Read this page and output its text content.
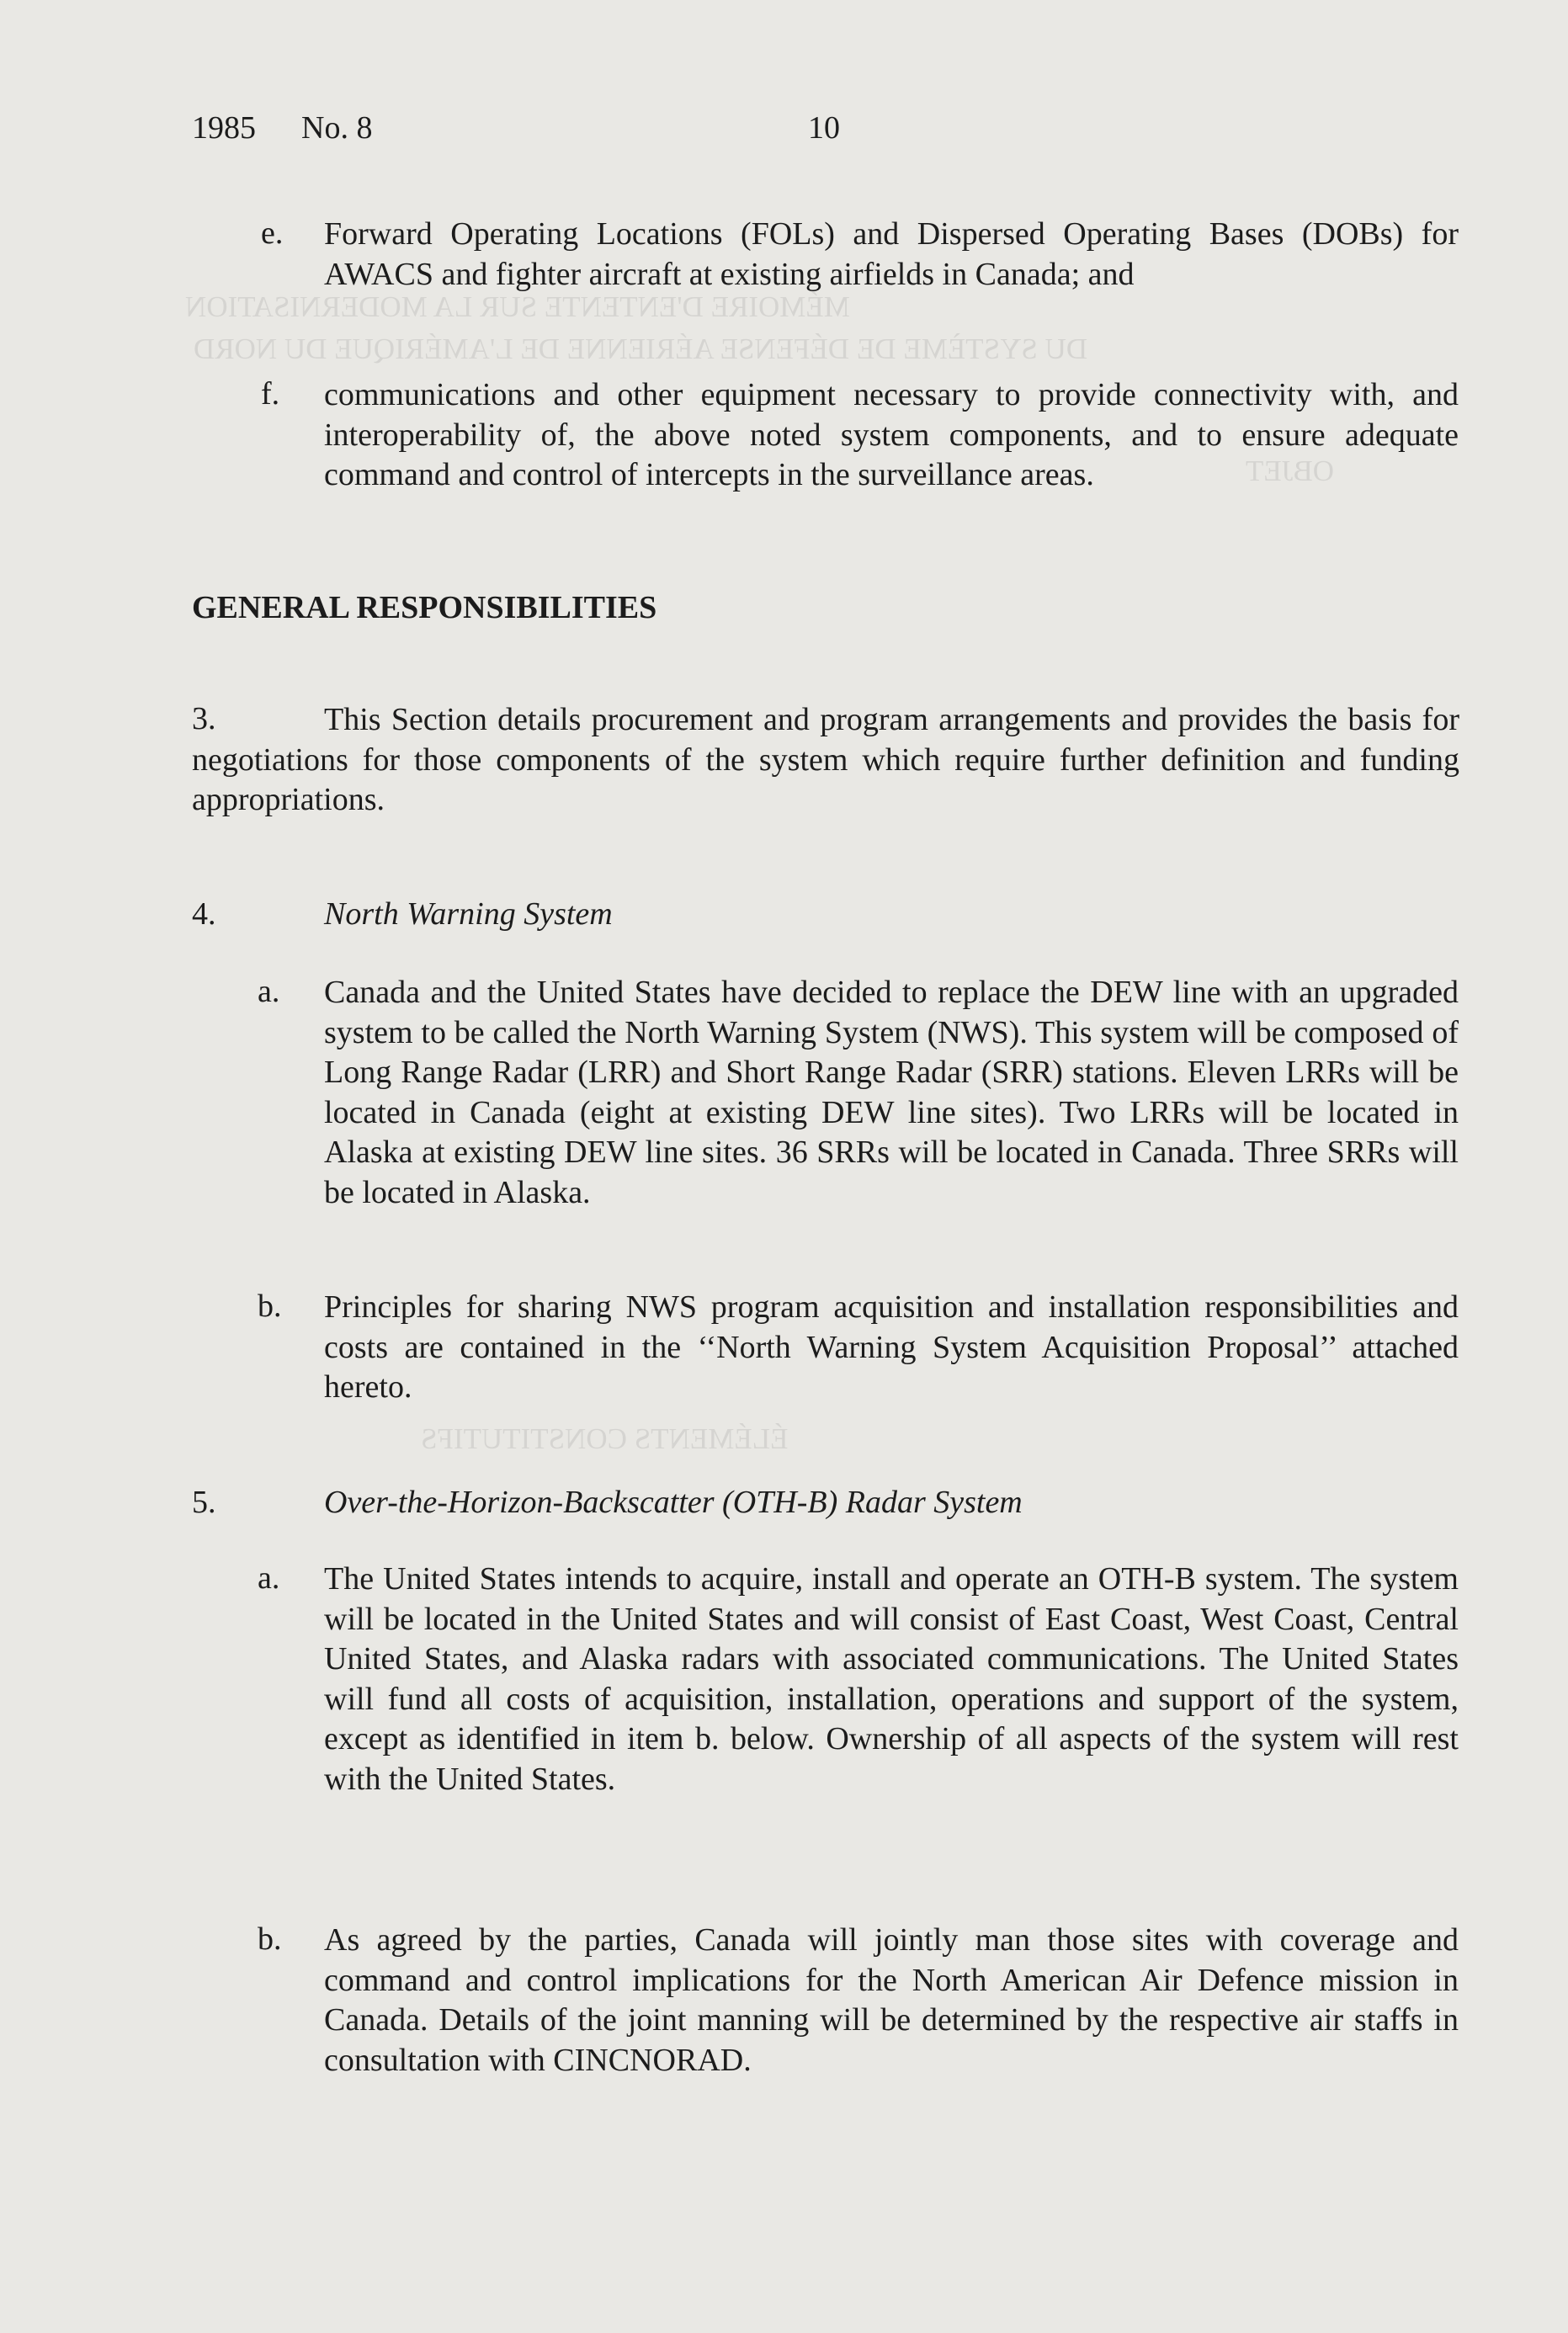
MÉMOIRE D'ENTENTE SUR LA MODERNISATION
DU SYSTÈME DE DÉFENSE AÉRIENNE DE L'AMÉRIQUE DU NORD
OBJET
ÉLÉMENTS CONSTITUTIFS
1985 No. 8	10
e. Forward Operating Locations (FOLs) and Dispersed Operating Bases (DOBs) for AWACS and fighter aircraft at existing airfields in Canada; and
f. communications and other equipment necessary to provide connectivity with, and interoperability of, the above noted system components, and to ensure adequate command and control of intercepts in the surveillance areas.
GENERAL RESPONSIBILITIES
3.	This Section details procurement and program arrangements and provides the basis for negotiations for those components of the system which require further definition and funding appropriations.
4.	North Warning System
a. Canada and the United States have decided to replace the DEW line with an upgraded system to be called the North Warning System (NWS). This system will be composed of Long Range Radar (LRR) and Short Range Radar (SRR) stations. Eleven LRRs will be located in Canada (eight at existing DEW line sites). Two LRRs will be located in Alaska at existing DEW line sites. 36 SRRs will be located in Canada. Three SRRs will be located in Alaska.
b. Principles for sharing NWS program acquisition and installation responsibilities and costs are contained in the ‘‘North Warning System Acquisition Proposal’’ attached hereto.
5.	Over-the-Horizon-Backscatter (OTH-B) Radar System
a. The United States intends to acquire, install and operate an OTH-B system. The system will be located in the United States and will consist of East Coast, West Coast, Central United States, and Alaska radars with associated communications. The United States will fund all costs of acquisition, installation, operations and support of the system, except as identified in item b. below. Ownership of all aspects of the system will rest with the United States.
b. As agreed by the parties, Canada will jointly man those sites with coverage and command and control implications for the North American Air Defence mission in Canada. Details of the joint manning will be determined by the respective air staffs in consultation with CINCNORAD.
